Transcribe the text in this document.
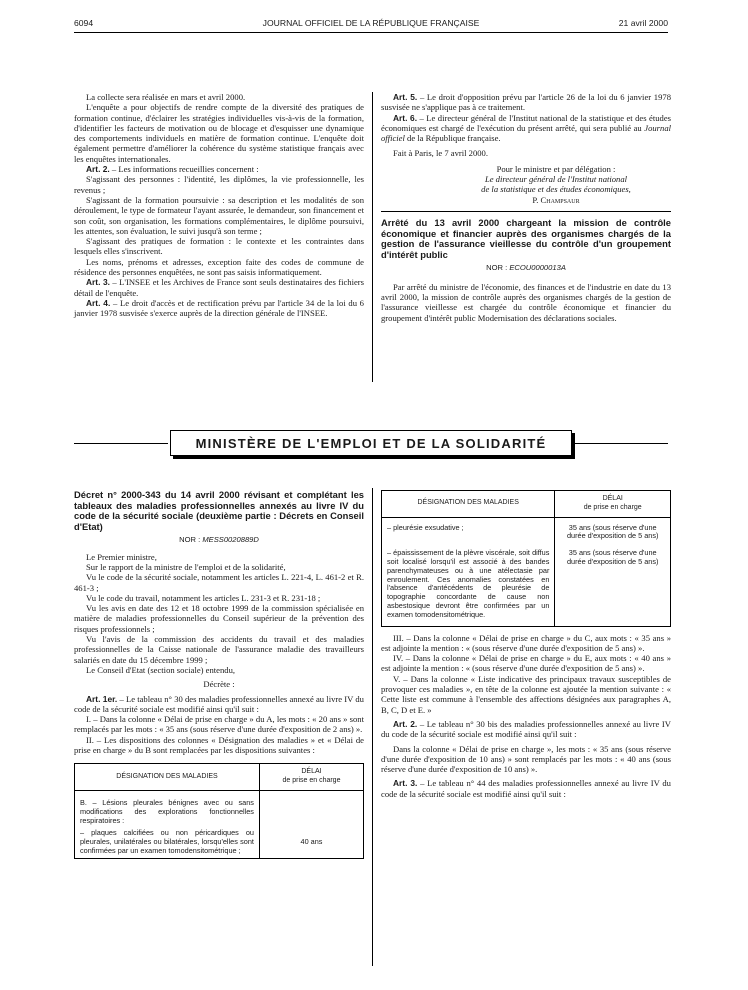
6094	JOURNAL OFFICIEL DE LA RÉPUBLIQUE FRANÇAISE	21 avril 2000

La collecte sera réalisée en mars et avril 2000.

L'enquête a pour objectifs de rendre compte de la diversité des pratiques de formation continue, d'éclairer les stratégies individuelles vis-à-vis de la formation, d'identifier les facteurs de motivation ou de blocage et d'esquisser une dynamique des comportements individuels en matière de formation continue. L'enquête doit également permettre d'améliorer la cohérence du système statistique français avec les enquêtes internationales.

Art. 2. – Les informations recueillies concernent :

S'agissant des personnes : l'identité, les diplômes, la vie professionnelle, les revenus ;

S'agissant de la formation poursuivie : sa description et les modalités de son déroulement, le type de formateur l'ayant assurée, le demandeur, son financement et son coût, son organisation, les formations complémentaires, le diplôme poursuivi, les attentes, son évaluation, le suivi jusqu'à son terme ;

S'agissant des pratiques de formation : le contexte et les contraintes dans lesquels elles s'inscrivent.

Les noms, prénoms et adresses, exception faite des codes de commune de résidence des personnes enquêtées, ne sont pas saisis informatiquement.

Art. 3. – L'INSEE et les Archives de France sont seuls destinataires des fichiers détail de l'enquête.

Art. 4. – Le droit d'accès et de rectification prévu par l'article 34 de la loi du 6 janvier 1978 susvisée s'exerce auprès de la direction générale de l'INSEE.

Art. 5. – Le droit d'opposition prévu par l'article 26 de la loi du 6 janvier 1978 susvisée ne s'applique pas à ce traitement.

Art. 6. – Le directeur général de l'Institut national de la statistique et des études économiques est chargé de l'exécution du présent arrêté, qui sera publié au Journal officiel de la République française.

Fait à Paris, le 7 avril 2000.

Pour le ministre et par délégation :

Le directeur général de l'Institut national

de la statistique et des études économiques,

P. Champsaur

Arrêté du 13 avril 2000 chargeant la mission de contrôle économique et financier auprès des organismes chargés de la gestion de l'assurance vieillesse du contrôle d'un groupement d'intérêt public
NOR : ECOU0000013A

Par arrêté du ministre de l'économie, des finances et de l'industrie en date du 13 avril 2000, la mission de contrôle auprès des organismes chargés de la gestion de l'assurance vieillesse est chargée du contrôle économique et financier du groupement d'intérêt public Modernisation des déclarations sociales.

MINISTÈRE DE L'EMPLOI ET DE LA SOLIDARITÉ
Décret n° 2000-343 du 14 avril 2000 révisant et complétant les tableaux des maladies professionnelles annexés au livre IV du code de la sécurité sociale (deuxième partie : Décrets en Conseil d'Etat)
NOR : MESS0020889D

Le Premier ministre,

Sur le rapport de la ministre de l'emploi et de la solidarité,

Vu le code de la sécurité sociale, notamment les articles L. 221-4, L. 461-2 et R. 461-3 ;

Vu le code du travail, notamment les articles L. 231-3 et R. 231-18 ;

Vu les avis en date des 12 et 18 octobre 1999 de la commission spécialisée en matière de maladies professionnelles du Conseil supérieur de la prévention des risques professionnels ;

Vu l'avis de la commission des accidents du travail et des maladies professionnelles de la Caisse nationale de l'assurance maladie des travailleurs salariés en date du 15 décembre 1999 ;

Le Conseil d'Etat (section sociale) entendu,

Décrète :

Art. 1er. – Le tableau n° 30 des maladies professionnelles annexé au livre IV du code de la sécurité sociale est modifié ainsi qu'il suit :

I. – Dans la colonne « Délai de prise en charge » du A, les mots : « 20 ans » sont remplacés par les mots : « 35 ans (sous réserve d'une durée d'exposition de 2 ans) ».

II. – Les dispositions des colonnes « Désignation des maladies » et « Délai de prise en charge » du B sont remplacées par les dispositions suivantes :

DÉSIGNATION DES MALADIES	DÉLAI
de prise en charge

B. – Lésions pleurales bénignes avec ou sans modifications des explorations fonctionnelles respiratoires :	
– plaques calcifiées ou non péricardiques ou pleurales, unilatérales ou bilatérales, lorsqu'elles sont confirmées par un examen tomodensitométrique ;	40 ans
DÉSIGNATION DES MALADIES	DÉLAI
de prise en charge

– pleurésie exsudative ;	35 ans (sous réserve d'une durée d'exposition de 5 ans)
– épaississement de la plèvre viscérale, soit diffus soit localisé lorsqu'il est associé à des bandes parenchymateuses ou à une atélectasie par enroulement. Ces anomalies constatées en l'absence d'antécédents de pleurésie de topographie concordante de cause non asbestosique devront être confirmées par un examen tomodensitométrique.	35 ans (sous réserve d'une durée d'exposition de 5 ans)

III. – Dans la colonne « Délai de prise en charge » du C, aux mots : « 35 ans » est adjointe la mention : « (sous réserve d'une durée d'exposition de 5 ans) ».

IV. – Dans la colonne « Délai de prise en charge » du E, aux mots : « 40 ans » est adjointe la mention : « (sous réserve d'une durée d'exposition de 5 ans) ».

V. – Dans la colonne « Liste indicative des principaux travaux susceptibles de provoquer ces maladies », en tête de la colonne est ajoutée la mention suivante : « Cette liste est commune à l'ensemble des affections désignées aux paragraphes A, B, C, D et E. »

Art. 2. – Le tableau n° 30 bis des maladies professionnelles annexé au livre IV du code de la sécurité sociale est modifié ainsi qu'il suit :

Dans la colonne « Délai de prise en charge », les mots : « 35 ans (sous réserve d'une durée d'exposition de 10 ans) » sont remplacés par les mots : « 40 ans (sous réserve d'une durée d'exposition de 10 ans) ».

Art. 3. – Le tableau n° 44 des maladies professionnelles annexé au livre IV du code de la sécurité sociale est modifié ainsi qu'il suit :
